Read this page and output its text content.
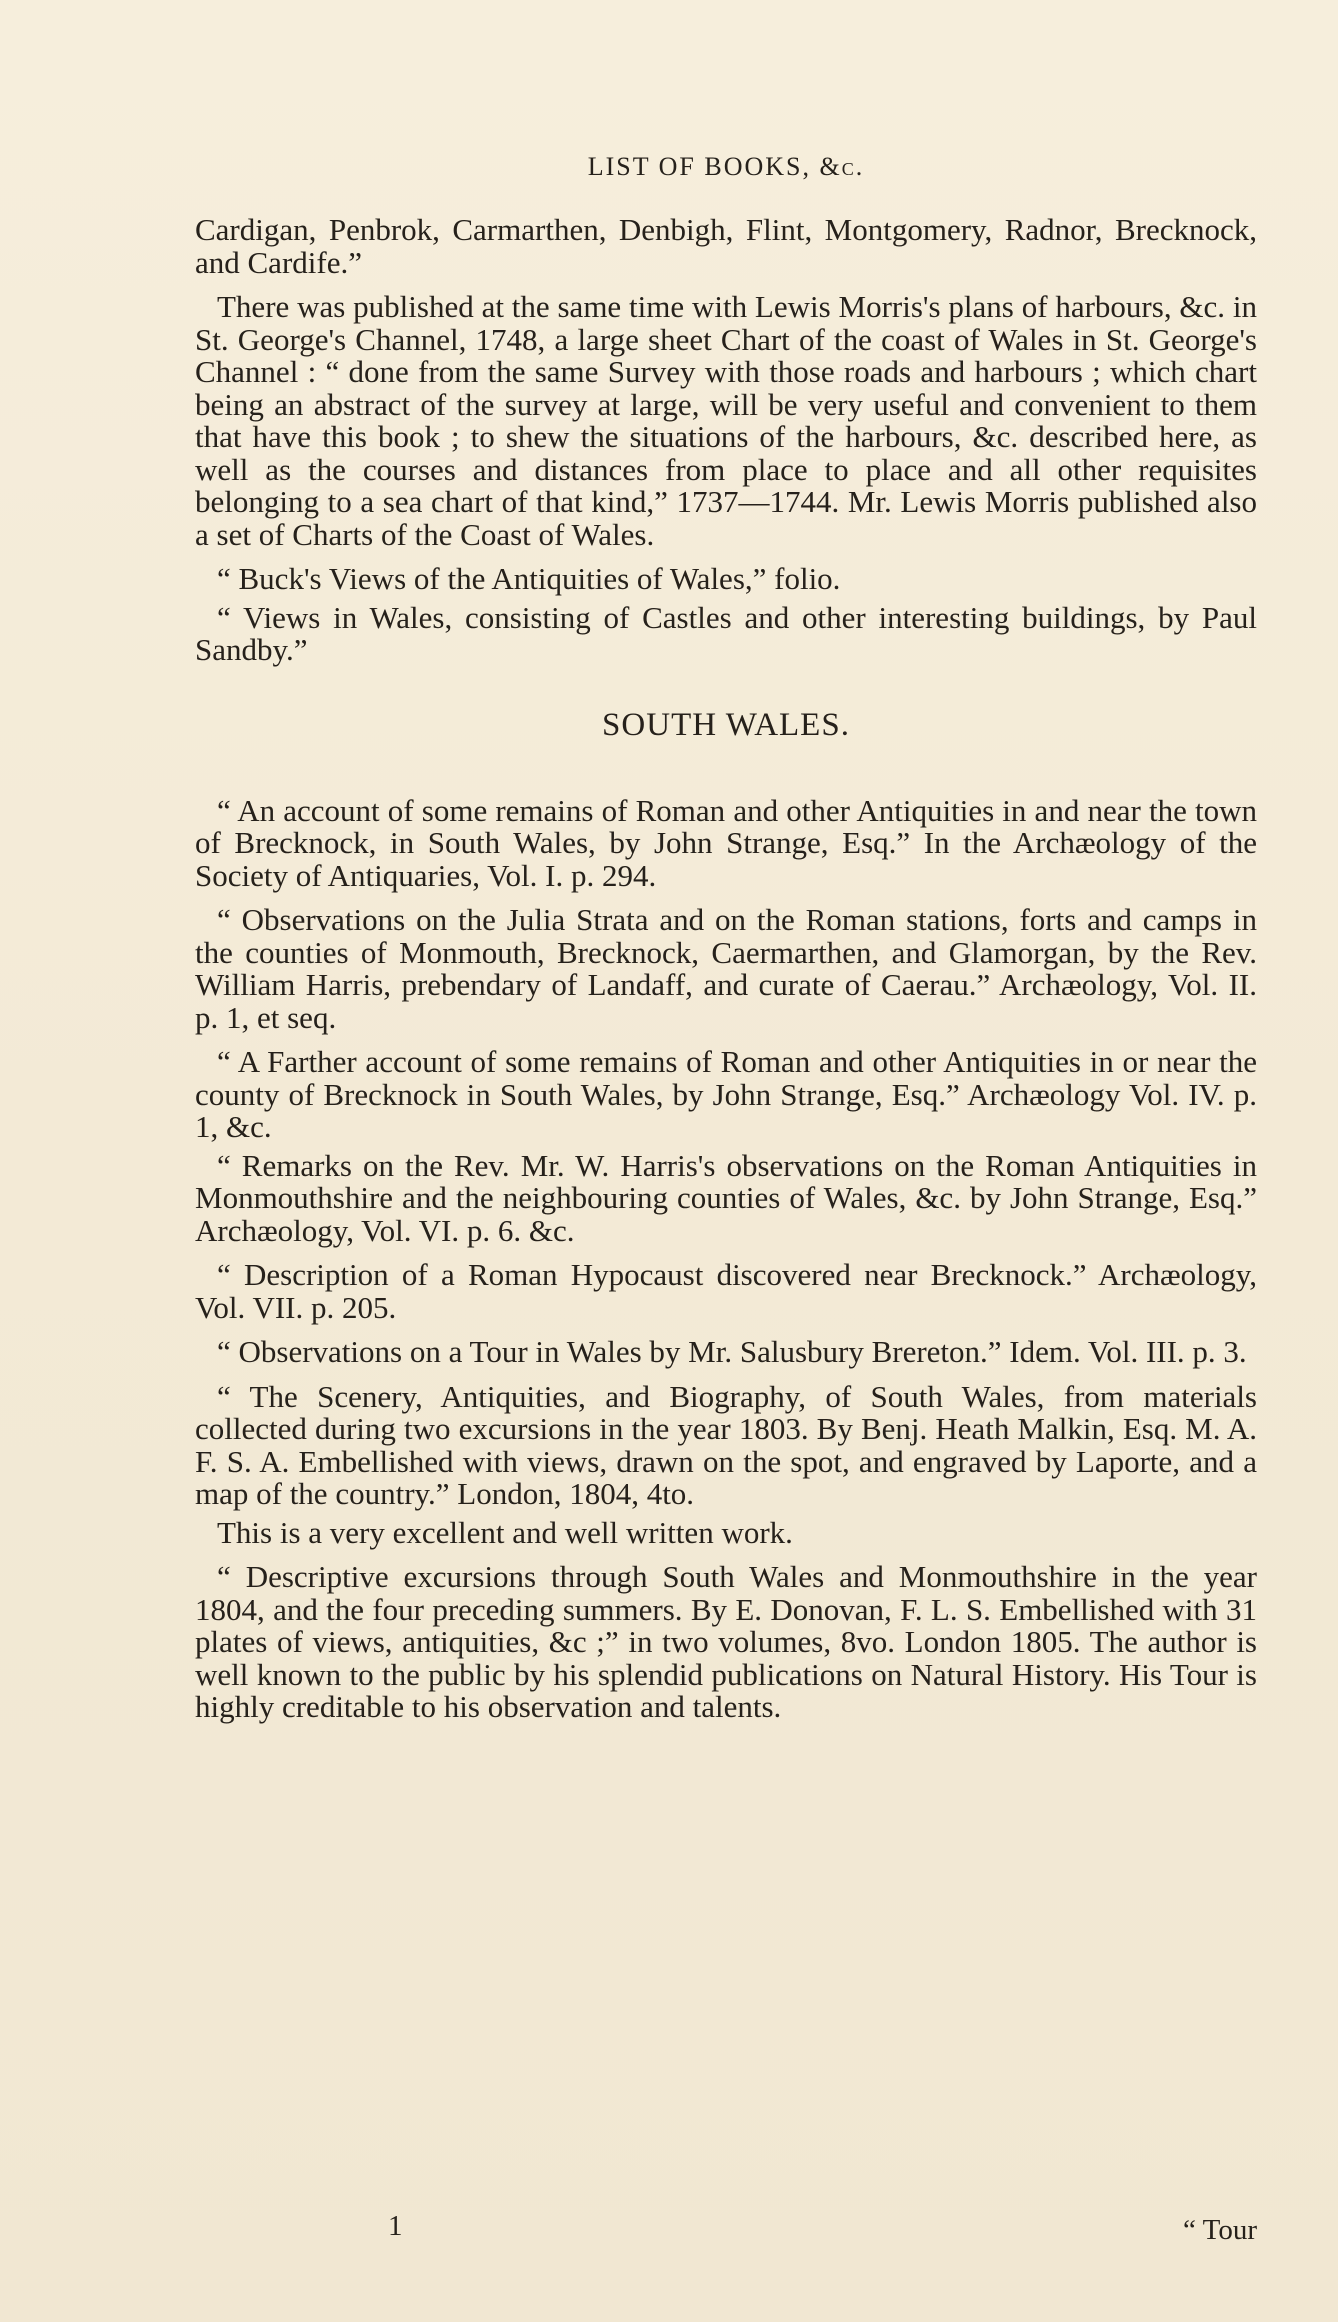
LIST OF BOOKS, &c.

Cardigan, Penbrok, Carmarthen, Denbigh, Flint, Montgomery, Radnor, Brecknock, and Cardife.”

There was published at the same time with Lewis Morris's plans of harbours, &c. in St. George's Channel, 1748, a large sheet Chart of the coast of Wales in St. George's Channel : “ done from the same Survey with those roads and harbours ; which chart being an abstract of the survey at large, will be very useful and convenient to them that have this book ; to shew the situations of the harbours, &c. described here, as well as the courses and distances from place to place and all other requisites belonging to a sea chart of that kind,” 1737—1744. Mr. Lewis Morris published also a set of Charts of the Coast of Wales.

“ Buck's Views of the Antiquities of Wales,” folio.

“ Views in Wales, consisting of Castles and other interesting buildings, by Paul Sandby.”

SOUTH WALES.

“ An account of some remains of Roman and other Antiquities in and near the town of Brecknock, in South Wales, by John Strange, Esq.” In the Archæology of the Society of Antiquaries, Vol. I. p. 294.

“ Observations on the Julia Strata and on the Roman stations, forts and camps in the counties of Monmouth, Brecknock, Caermarthen, and Glamorgan, by the Rev. William Harris, prebendary of Landaff, and curate of Caerau.” Archæology, Vol. II. p. 1, et seq.

“ A Farther account of some remains of Roman and other Antiquities in or near the county of Brecknock in South Wales, by John Strange, Esq.” Archæology Vol. IV. p. 1, &c.

“ Remarks on the Rev. Mr. W. Harris's observations on the Roman Antiquities in Monmouthshire and the neighbouring counties of Wales, &c. by John Strange, Esq.” Archæology, Vol. VI. p. 6. &c.

“ Description of a Roman Hypocaust discovered near Brecknock.” Archæology, Vol. VII. p. 205.

“ Observations on a Tour in Wales by Mr. Salusbury Brereton.” Idem. Vol. III. p. 3.

“ The Scenery, Antiquities, and Biography, of South Wales, from materials collected during two excursions in the year 1803. By Benj. Heath Malkin, Esq. M. A. F. S. A. Embellished with views, drawn on the spot, and engraved by Laporte, and a map of the country.” London, 1804, 4to.

This is a very excellent and well written work.

“ Descriptive excursions through South Wales and Monmouthshire in the year 1804, and the four preceding summers. By E. Donovan, F. L. S. Embellished with 31 plates of views, antiquities, &c ;” in two volumes, 8vo. London 1805. The author is well known to the public by his splendid publications on Natural History. His Tour is highly creditable to his observation and talents.

1	“ Tour
